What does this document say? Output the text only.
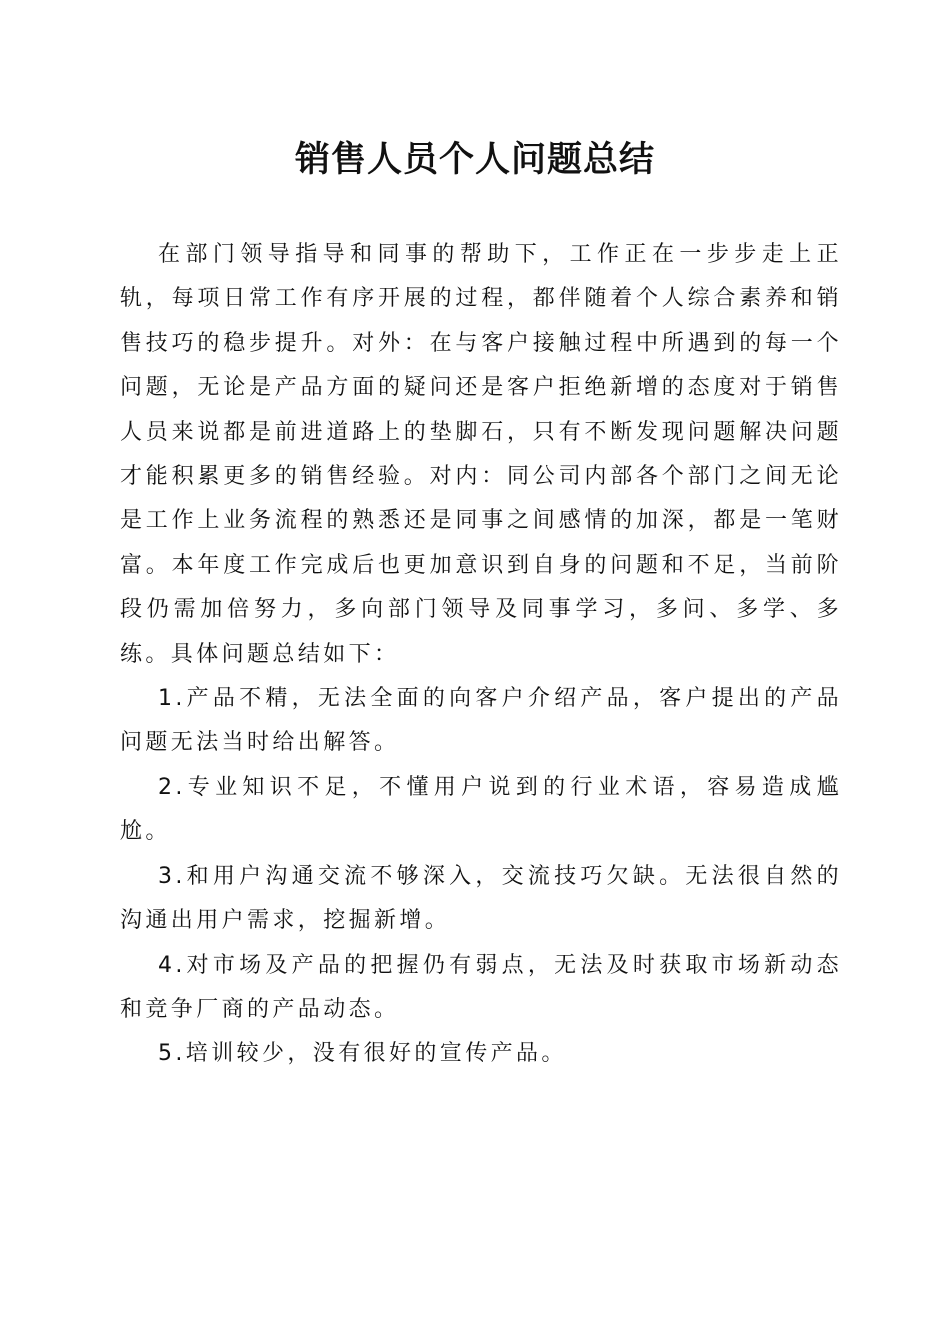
销售人员个人问题总结

在部门领导指导和同事的帮助下，工作正在一步步走上正轨，每项日常工作有序开展的过程，都伴随着个人综合素养和销售技巧的稳步提升。对外：在与客户接触过程中所遇到的每一个问题，无论是产品方面的疑问还是客户拒绝新增的态度对于销售人员来说都是前进道路上的垫脚石，只有不断发现问题解决问题才能积累更多的销售经验。对内：同公司内部各个部门之间无论是工作上业务流程的熟悉还是同事之间感情的加深，都是一笔财富。本年度工作完成后也更加意识到自身的问题和不足，当前阶段仍需加倍努力，多向部门领导及同事学习，多问、多学、多练。具体问题总结如下：

1.产品不精，无法全面的向客户介绍产品，客户提出的产品问题无法当时给出解答。

2.专业知识不足，不懂用户说到的行业术语，容易造成尴尬。

3.和用户沟通交流不够深入，交流技巧欠缺。无法很自然的沟通出用户需求，挖掘新增。

4.对市场及产品的把握仍有弱点，无法及时获取市场新动态和竞争厂商的产品动态。

5.培训较少，没有很好的宣传产品。
